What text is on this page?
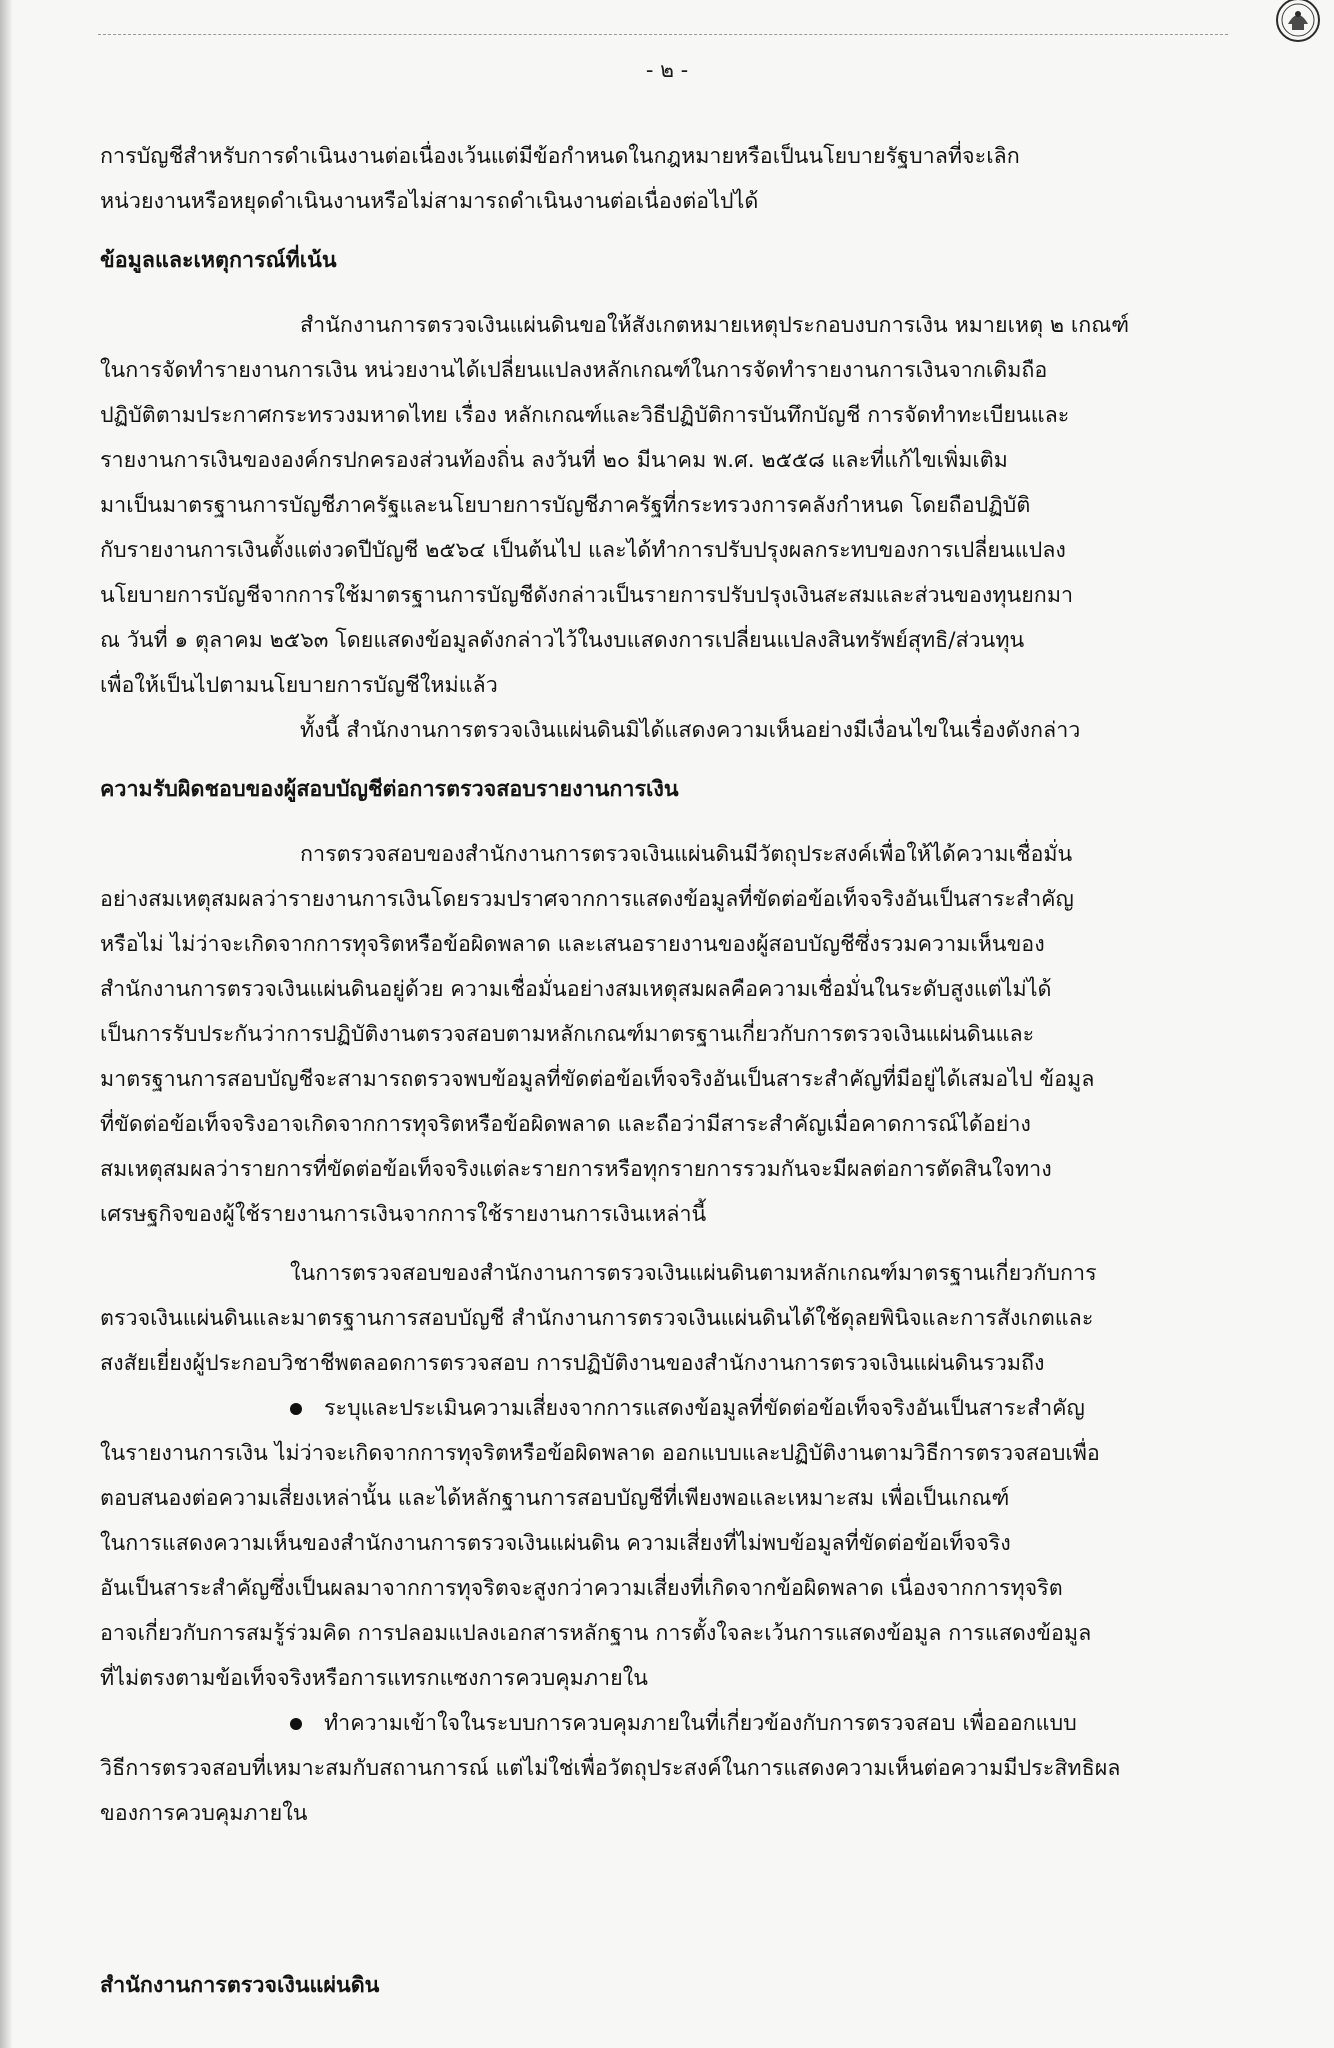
- ๒ -

การบัญชีสำหรับการดำเนินงานต่อเนื่องเว้นแต่มีข้อกำหนดในกฎหมายหรือเป็นนโยบายรัฐบาลที่จะเลิก

หน่วยงานหรือหยุดดำเนินงานหรือไม่สามารถดำเนินงานต่อเนื่องต่อไปได้

ข้อมูลและเหตุการณ์ที่เน้น

สำนักงานการตรวจเงินแผ่นดินขอให้สังเกตหมายเหตุประกอบงบการเงิน หมายเหตุ ๒ เกณฑ์

ในการจัดทำรายงานการเงิน หน่วยงานได้เปลี่ยนแปลงหลักเกณฑ์ในการจัดทำรายงานการเงินจากเดิมถือ

ปฏิบัติตามประกาศกระทรวงมหาดไทย เรื่อง หลักเกณฑ์และวิธีปฏิบัติการบันทึกบัญชี การจัดทำทะเบียนและ

รายงานการเงินขององค์กรปกครองส่วนท้องถิ่น ลงวันที่ ๒๐ มีนาคม พ.ศ. ๒๕๕๘ และที่แก้ไขเพิ่มเติม

มาเป็นมาตรฐานการบัญชีภาครัฐและนโยบายการบัญชีภาครัฐที่กระทรวงการคลังกำหนด โดยถือปฏิบัติ

กับรายงานการเงินตั้งแต่งวดปีบัญชี ๒๕๖๔ เป็นต้นไป และได้ทำการปรับปรุงผลกระทบของการเปลี่ยนแปลง

นโยบายการบัญชีจากการใช้มาตรฐานการบัญชีดังกล่าวเป็นรายการปรับปรุงเงินสะสมและส่วนของทุนยกมา

ณ วันที่ ๑ ตุลาคม ๒๕๖๓ โดยแสดงข้อมูลดังกล่าวไว้ในงบแสดงการเปลี่ยนแปลงสินทรัพย์สุทธิ/ส่วนทุน

เพื่อให้เป็นไปตามนโยบายการบัญชีใหม่แล้ว

ทั้งนี้ สำนักงานการตรวจเงินแผ่นดินมิได้แสดงความเห็นอย่างมีเงื่อนไขในเรื่องดังกล่าว

ความรับผิดชอบของผู้สอบบัญชีต่อการตรวจสอบรายงานการเงิน

การตรวจสอบของสำนักงานการตรวจเงินแผ่นดินมีวัตถุประสงค์เพื่อให้ได้ความเชื่อมั่น

อย่างสมเหตุสมผลว่ารายงานการเงินโดยรวมปราศจากการแสดงข้อมูลที่ขัดต่อข้อเท็จจริงอันเป็นสาระสำคัญ

หรือไม่ ไม่ว่าจะเกิดจากการทุจริตหรือข้อผิดพลาด และเสนอรายงานของผู้สอบบัญชีซึ่งรวมความเห็นของ

สำนักงานการตรวจเงินแผ่นดินอยู่ด้วย ความเชื่อมั่นอย่างสมเหตุสมผลคือความเชื่อมั่นในระดับสูงแต่ไม่ได้

เป็นการรับประกันว่าการปฏิบัติงานตรวจสอบตามหลักเกณฑ์มาตรฐานเกี่ยวกับการตรวจเงินแผ่นดินและ

มาตรฐานการสอบบัญชีจะสามารถตรวจพบข้อมูลที่ขัดต่อข้อเท็จจริงอันเป็นสาระสำคัญที่มีอยู่ได้เสมอไป ข้อมูล

ที่ขัดต่อข้อเท็จจริงอาจเกิดจากการทุจริตหรือข้อผิดพลาด และถือว่ามีสาระสำคัญเมื่อคาดการณ์ได้อย่าง

สมเหตุสมผลว่ารายการที่ขัดต่อข้อเท็จจริงแต่ละรายการหรือทุกรายการรวมกันจะมีผลต่อการตัดสินใจทาง

เศรษฐกิจของผู้ใช้รายงานการเงินจากการใช้รายงานการเงินเหล่านี้

ในการตรวจสอบของสำนักงานการตรวจเงินแผ่นดินตามหลักเกณฑ์มาตรฐานเกี่ยวกับการ

ตรวจเงินแผ่นดินและมาตรฐานการสอบบัญชี สำนักงานการตรวจเงินแผ่นดินได้ใช้ดุลยพินิจและการสังเกตและ

สงสัยเยี่ยงผู้ประกอบวิชาชีพตลอดการตรวจสอบ การปฏิบัติงานของสำนักงานการตรวจเงินแผ่นดินรวมถึง

ระบุและประเมินความเสี่ยงจากการแสดงข้อมูลที่ขัดต่อข้อเท็จจริงอันเป็นสาระสำคัญ

ในรายงานการเงิน ไม่ว่าจะเกิดจากการทุจริตหรือข้อผิดพลาด ออกแบบและปฏิบัติงานตามวิธีการตรวจสอบเพื่อ

ตอบสนองต่อความเสี่ยงเหล่านั้น และได้หลักฐานการสอบบัญชีที่เพียงพอและเหมาะสม เพื่อเป็นเกณฑ์

ในการแสดงความเห็นของสำนักงานการตรวจเงินแผ่นดิน ความเสี่ยงที่ไม่พบข้อมูลที่ขัดต่อข้อเท็จจริง

อันเป็นสาระสำคัญซึ่งเป็นผลมาจากการทุจริตจะสูงกว่าความเสี่ยงที่เกิดจากข้อผิดพลาด เนื่องจากการทุจริต

อาจเกี่ยวกับการสมรู้ร่วมคิด การปลอมแปลงเอกสารหลักฐาน การตั้งใจละเว้นการแสดงข้อมูล การแสดงข้อมูล

ที่ไม่ตรงตามข้อเท็จจริงหรือการแทรกแซงการควบคุมภายใน

ทำความเข้าใจในระบบการควบคุมภายในที่เกี่ยวข้องกับการตรวจสอบ เพื่อออกแบบ

วิธีการตรวจสอบที่เหมาะสมกับสถานการณ์ แต่ไม่ใช่เพื่อวัตถุประสงค์ในการแสดงความเห็นต่อความมีประสิทธิผล

ของการควบคุมภายใน

สำนักงานการตรวจเงินแผ่นดิน
